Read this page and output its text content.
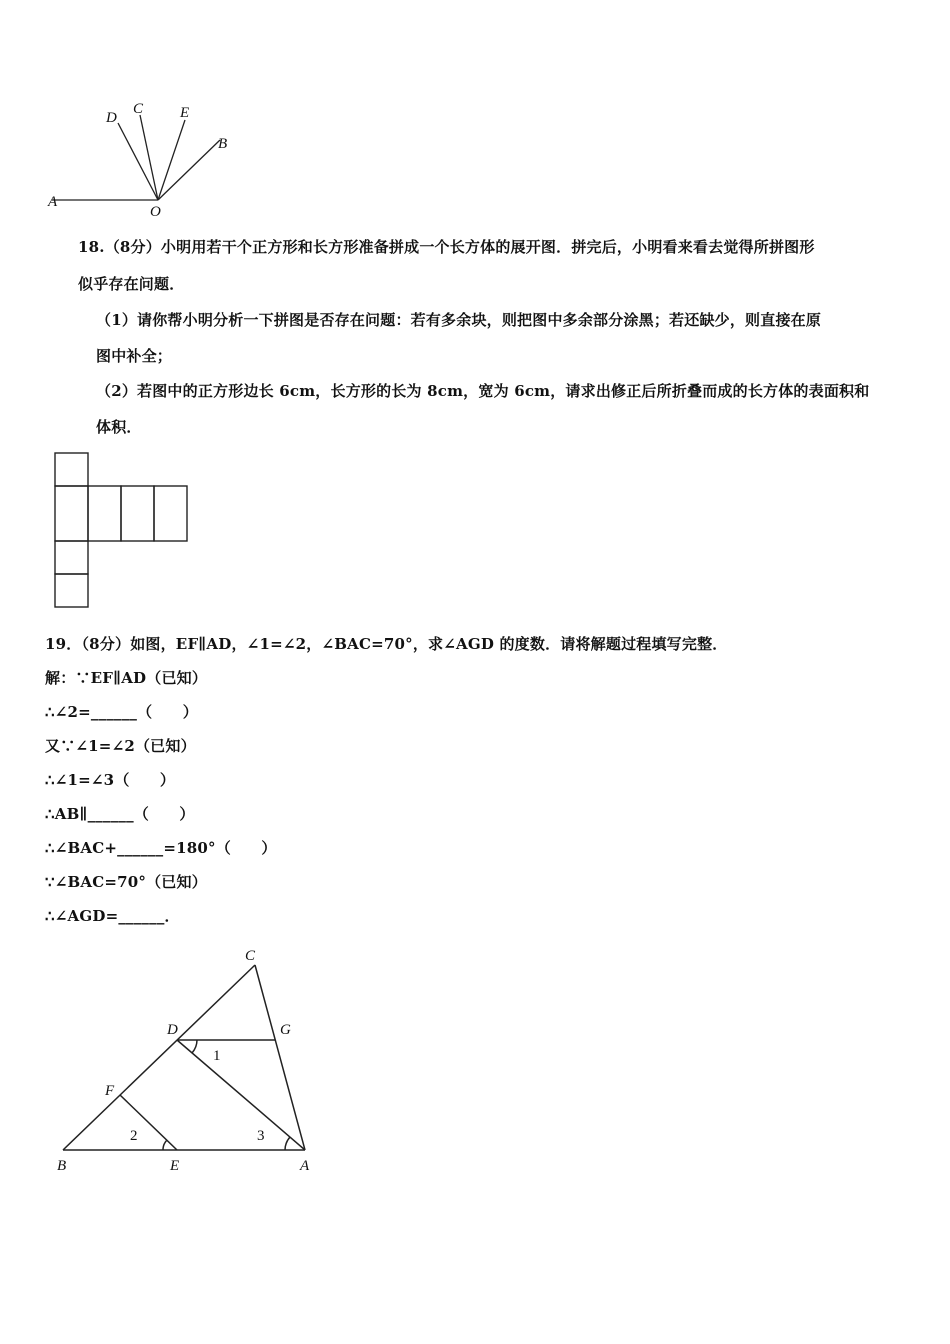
D
C E
B
A
O
18.（8分）小明用若干个正方形和长方形准备拼成一个长方体的展开图．拼完后，小明看来看去觉得所拼图形
似乎存在问题．
（1）请你帮小明分析一下拼图是否存在问题：若有多余块，则把图中多余部分涂黑；若还缺少，则直接在原
图中补全；
（2）若图中的正方形边长 6cm，长方形的长为 8cm，宽为 6cm，请求出修正后所折叠而成的长方体的表面积和
体积．
19．（8分）如图，EF∥AD，∠1=∠2，∠BAC=70°，求∠AGD 的度数．请将解题过程填写完整．
解：∵EF∥AD（已知）
∴∠2=______（　　）
又∵∠1=∠2（已知）
∴∠1=∠3（　　）
∴AB∥______（　　）
∴∠BAC+______=180°（　　）
∵∠BAC=70°（已知）
∴∠AGD=______．
C
D	G
F
B	E	A
1
2	3
